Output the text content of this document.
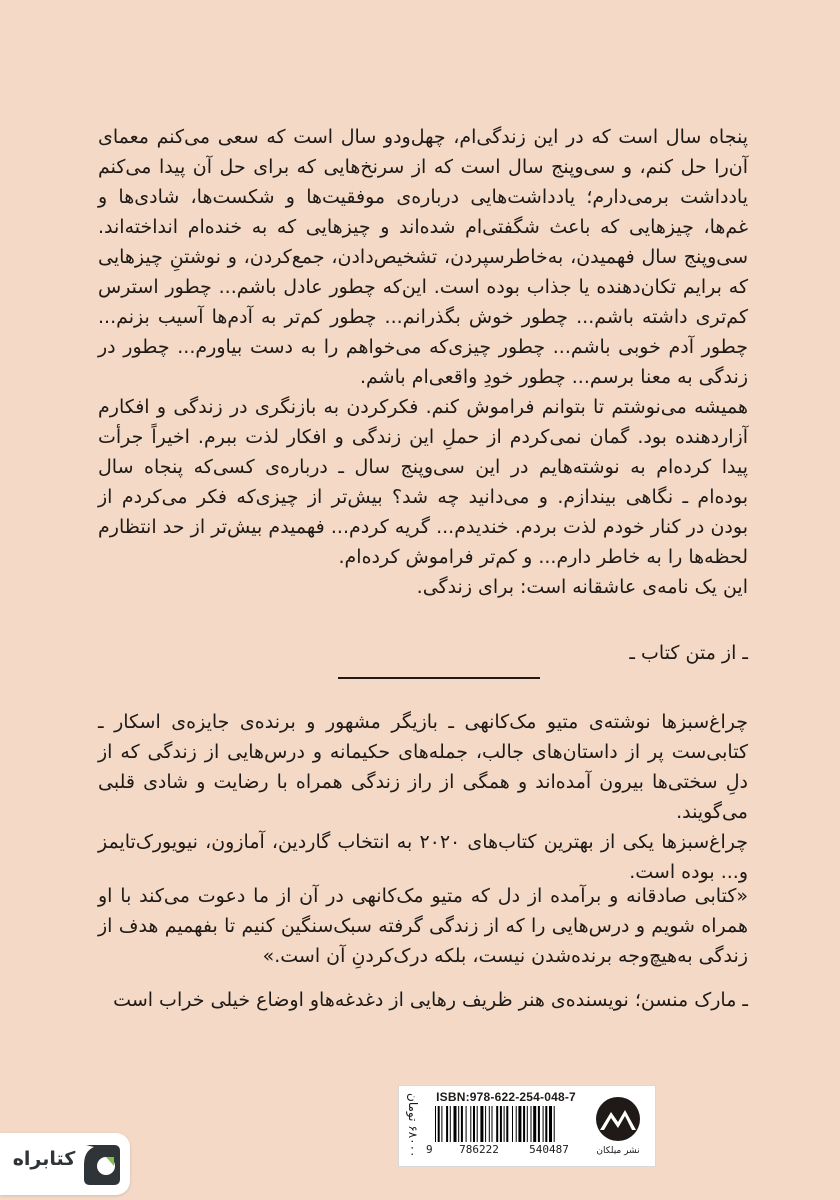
پنجاه سال است که در این زندگی‌ام، چهل‌ودو سال است که سعی می‌کنم معمای آن‌را حل کنم، و سی‌وپنج سال است که از سرنخ‌هایی که برای حل آن پیدا می‌کنم یادداشت برمی‌دارم؛ یادداشت‌هایی درباره‌ی موفقیت‌ها و شکست‌ها، شادی‌ها و غم‌ها، چیزهایی که باعث شگفتی‌ام شده‌اند و چیزهایی که به خنده‌ام انداخته‌اند. سی‌وپنج سال فهمیدن، به‌خاطرسپردن، تشخیص‌دادن، جمع‌کردن، و نوشتنِ چیزهایی که برایم تکان‌دهنده یا جذاب بوده است. این‌که چطور عادل باشم... چطور استرس کم‌تری داشته باشم... چطور خوش بگذرانم... چطور کم‌تر به آدم‌ها آسیب بزنم... چطور آدم خوبی باشم... چطور چیزی‌که می‌خواهم را به دست بیاورم... چطور در زندگی به معنا برسم... چطور خودِ واقعی‌ام باشم.

همیشه می‌نوشتم تا بتوانم فراموش کنم. فکرکردن به بازنگری در زندگی و افکارم آزاردهنده بود. گمان نمی‌کردم از حملِ این زندگی و افکار لذت ببرم. اخیراً جرأت پیدا کرده‌ام به نوشته‌هایم در این سی‌وپنج سال ـ درباره‌ی کسی‌که پنجاه سال بوده‌ام ـ نگاهی بیندازم. و می‌دانید چه شد؟ بیش‌تر از چیزی‌که فکر می‌کردم از بودن در کنار خودم لذت بردم. خندیدم... گریه کردم... فهمیدم بیش‌تر از حد انتظارم لحظه‌ها را به خاطر دارم... و کم‌تر فراموش کرده‌ام.

این یک نامه‌ی عاشقانه است: برای زندگی.

ـ از متن کتاب ـ

چراغ‌سبزها نوشته‌ی متیو مک‌کانهی ـ بازیگر مشهور و برنده‌ی جایزه‌ی اسکار ـ کتابی‌ست پر از داستان‌های جالب، جمله‌های حکیمانه و درس‌هایی از زندگی که از دلِ سختی‌ها بیرون آمده‌اند و همگی از راز زندگی همراه با رضایت و شادی قلبی می‌گویند.

چراغ‌سبزها یکی از بهترین کتاب‌های ۲۰۲۰ به انتخاب گاردین، آمازون، نیویورک‌تایمز و... بوده است.

«کتابی صادقانه و برآمده از دل که متیو مک‌کانهی در آن از ما دعوت می‌کند با او همراه شویم و درس‌هایی را که از زندگی گرفته سبک‌سنگین کنیم تا بفهمیم هدف از زندگی به‌هیچ‌وجه برنده‌شدن نیست، بلکه درک‌کردنِ آن است.»

ـ مارک منسن؛ نویسنده‌ی هنر ظریف رهایی از دغدغه‌هاو اوضاع خیلی خراب است

۶۸۰۰۰ تومان
ISBN:978-622-254-048-7
9	786222	540487	نشر میلکان
کتابراه
